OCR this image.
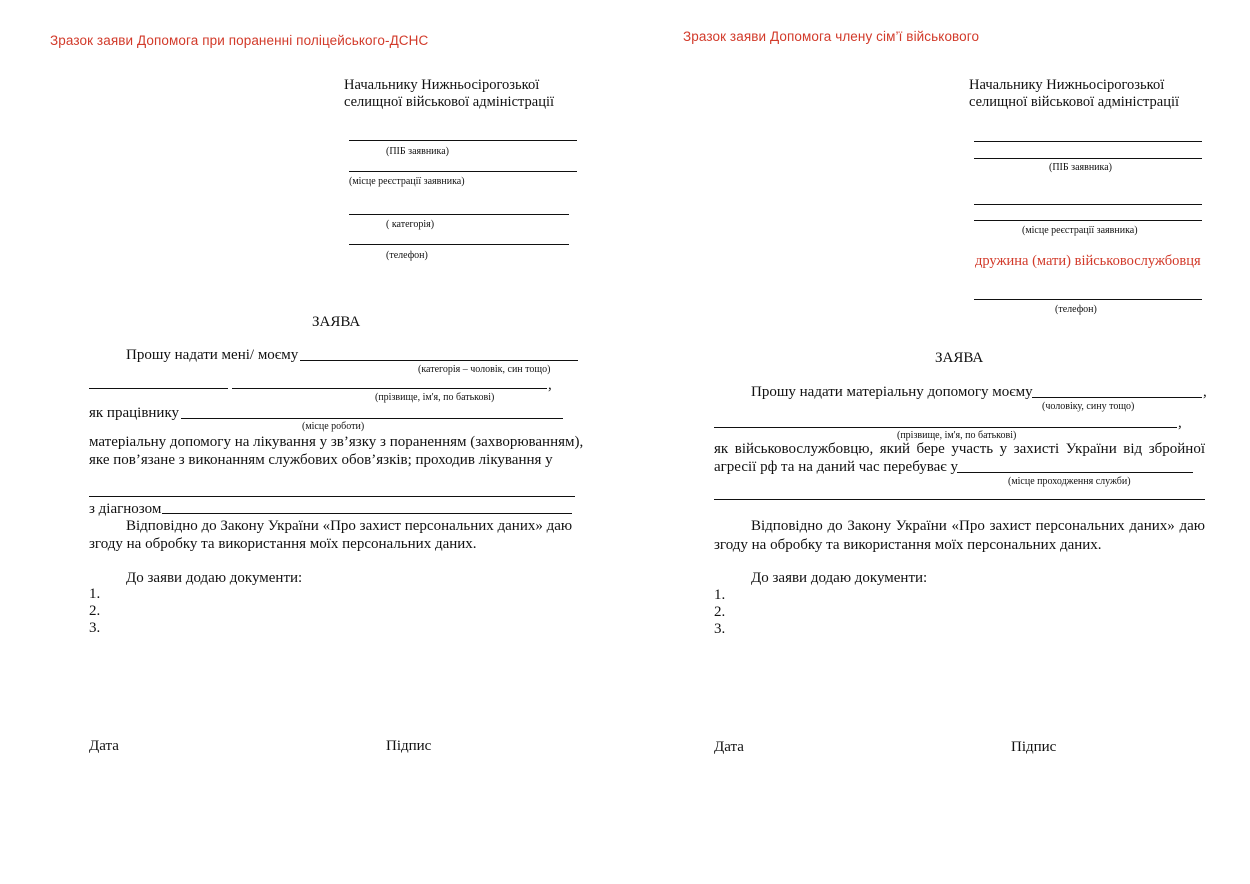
Зразок заяви Допомога при пораненні поліцейського-ДСНС
Начальнику Нижньосірогозької
селищної військової адміністрації
(ПІБ заявника)
(місце реєстрації заявника)
( категорія)
(телефон)
ЗАЯВА
Прошу надати мені/ моєму
(категорія – чоловік, син тощо)
,
(прізвище, ім'я, по батькові)
як працівнику
(місце роботи)
матеріальну допомогу на лікування у зв’язку з пораненням (захворюванням),
яке пов’язане з виконанням службових обов’язків; проходив лікування у
з діагнозом
Відповідно до Закону України «Про захист персональних даних» даю
згоду на обробку та використання моїх персональних даних.
До заяви додаю документи:
1.
2.
3.
Дата	Підпис
Зразок заяви Допомога члену сім’ї військового
Начальнику Нижньосірогозької
селищної військової адміністрації
(ПІБ заявника)
(місце реєстрації заявника)
дружина (мати) військовослужбовця
(телефон)
ЗАЯВА
Прошу надати матеріальну допомогу моєму	,
(чоловіку, сину тощо)
,
(прізвище, ім'я, по батькові)
як військовослужбовцю, який бере участь у захисті України від збройної
агресії рф та на даний час перебуває у
(місце проходження служби)
Відповідно до Закону України «Про захист персональних даних» даю
згоду на обробку та використання моїх персональних даних.
До заяви додаю документи:
1.
2.
3.
Дата	Підпис
